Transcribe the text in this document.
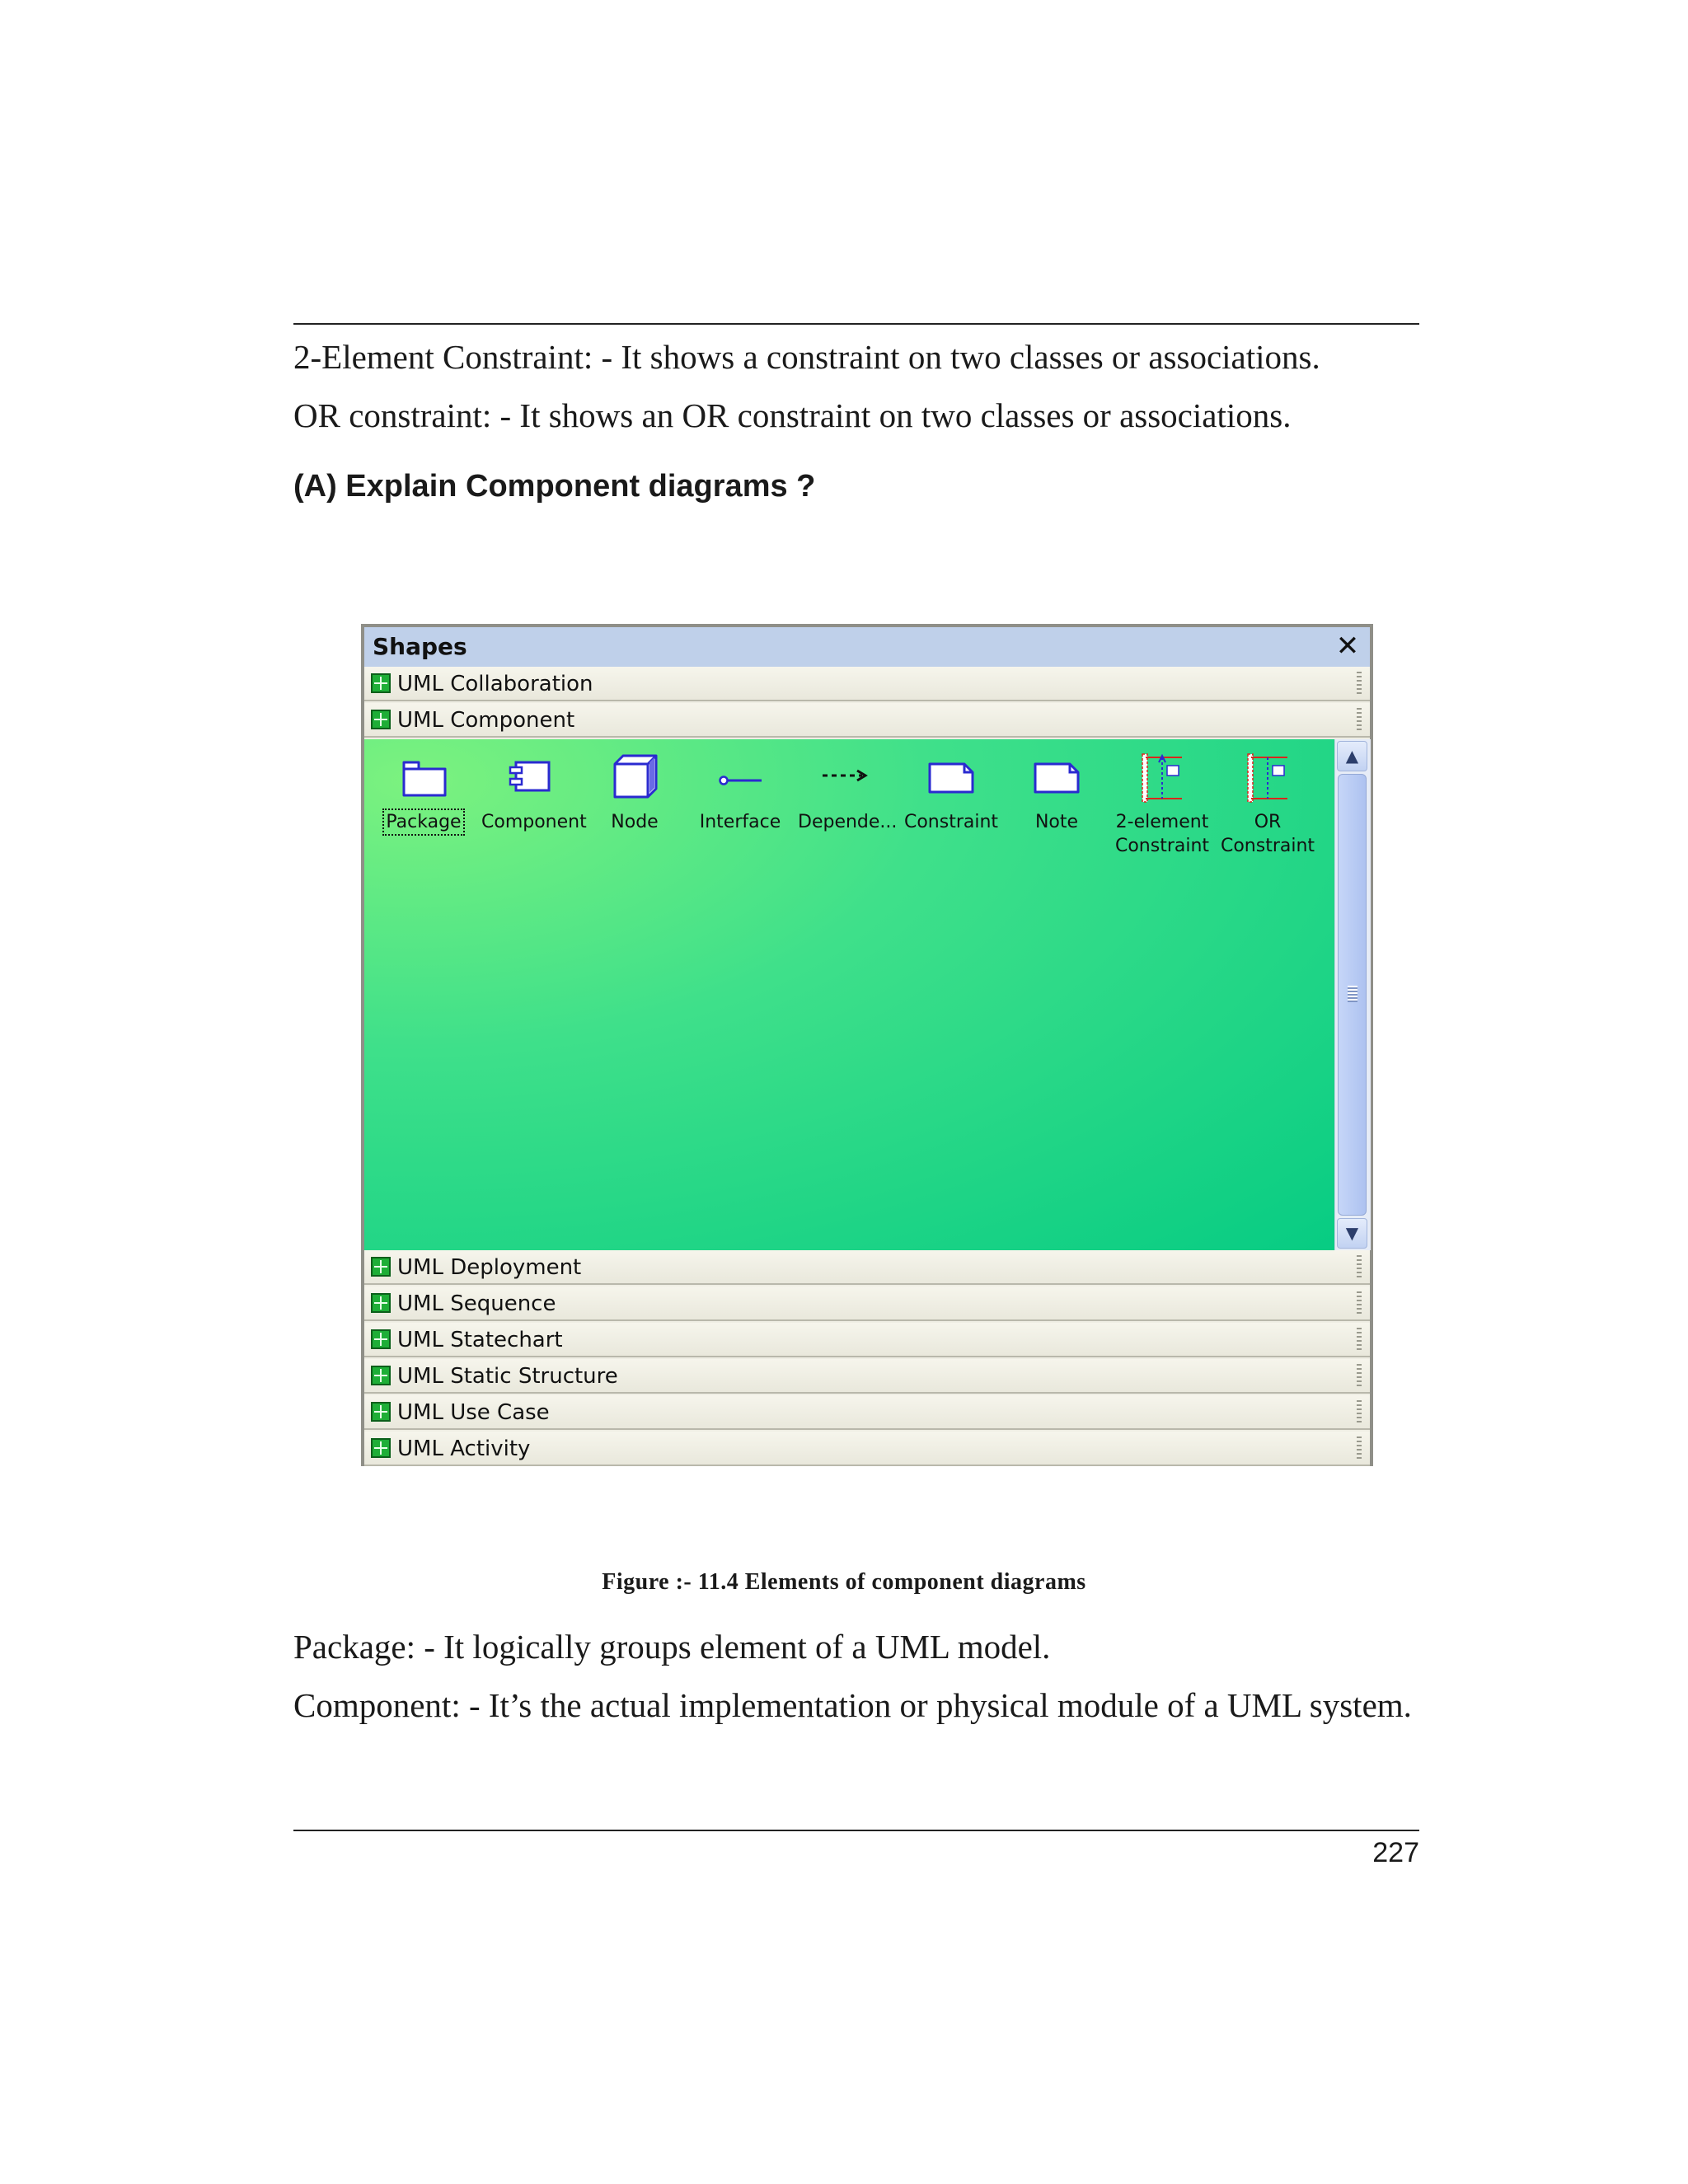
2-Element Constraint: - It shows a constraint on two classes or associations.

OR constraint: - It shows an OR constraint on two classes or associations.

(A) Explain Component diagrams ?
Shapes	✕
UML Collaboration
UML Component
Package	Component	Node	Interface Depende... Constraint	Note	2-element Constraint
OR Constraint
▲
▼
UML Deployment
UML Sequence
UML Statechart
UML Static Structure
UML Use Case
UML Activity

Figure :- 11.4 Elements of component diagrams

Package: - It logically groups element of a UML model.

Component: - It’s the actual implementation or physical module of a UML system.

227
